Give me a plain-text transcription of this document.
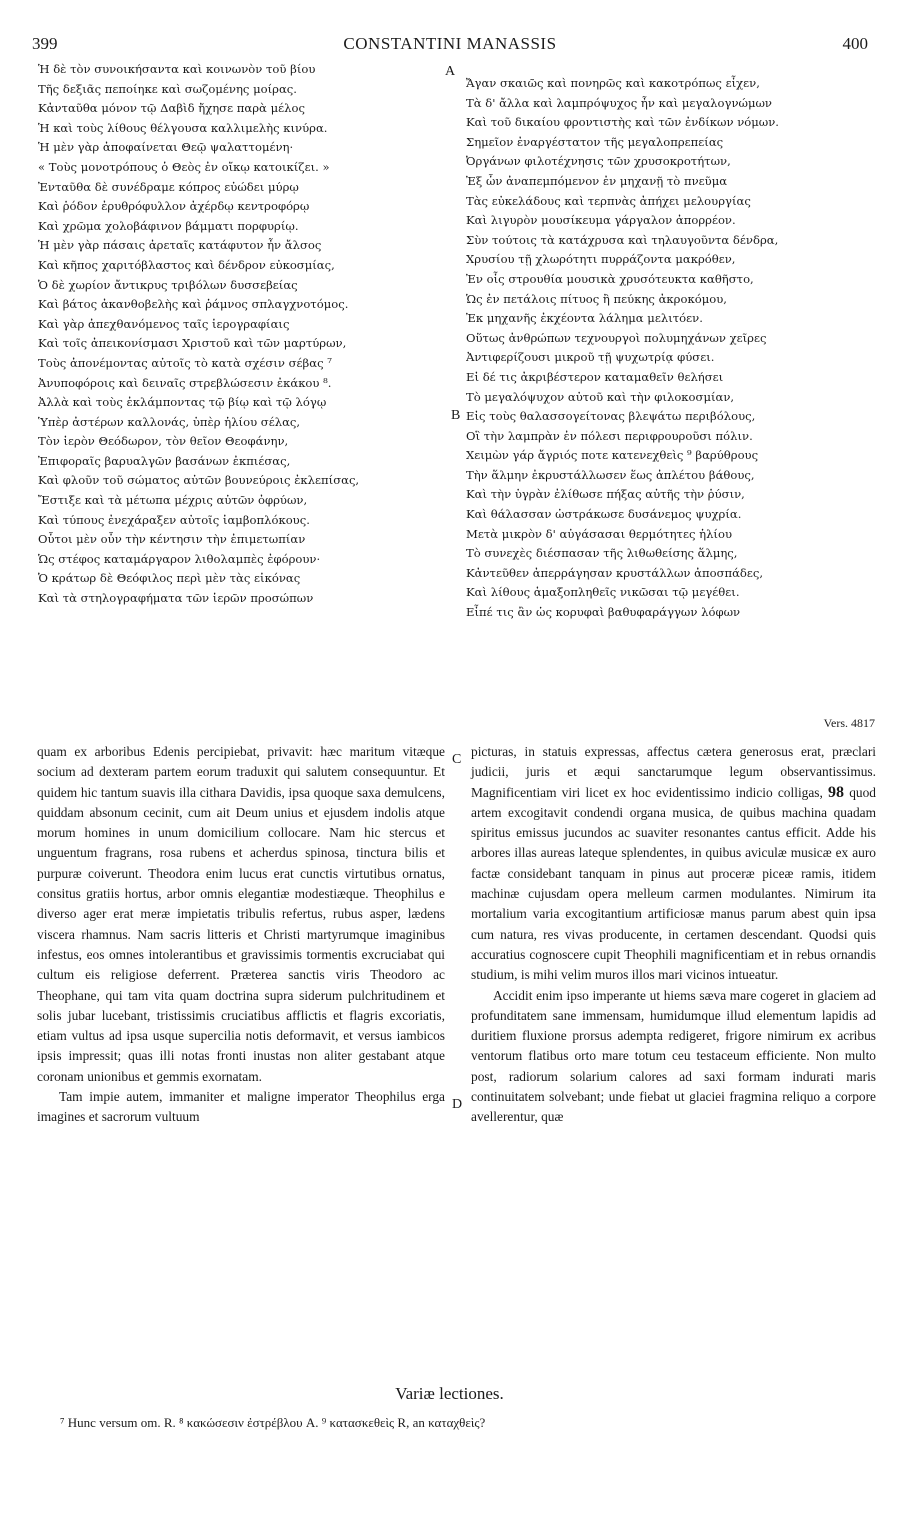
399	CONSTANTINI MANASSIS	400
Ἡ δὲ τὸν συνοικήσαντα καὶ κοινωνὸν τοῦ βίου
Τῆς δεξιᾶς πεποίηκε καὶ σωζομένης μοίρας.
Κἀνταῦθα μόνον τῷ Δαβὶδ ἤχησε παρὰ μέλος
Ἡ καὶ τοὺς λίθους θέλγουσα καλλιμελὴς κινύρα.
Ἡ μὲν γὰρ ἀποφαίνεται Θεῷ ψαλαττομένη·
« Τοὺς μονοτρόπους ὁ Θεὸς ἐν οἴκῳ κατοικίζει. »
Ἐνταῦθα δὲ συνέδραμε κόπρος εὐώδει μύρῳ
Καὶ ῥόδον ἐρυθρόφυλλον ἀχέρδῳ κεντροφόρῳ
Καὶ χρῶμα χολοβάφινον βάμματι πορφυρίῳ.
Ἡ μὲν γὰρ πάσαις ἀρεταῖς κατάφυτον ἦν ἄλσος
Καὶ κῆπος χαριτόβλαστος καὶ δένδρον εὐκοσμίας,
Ὁ δὲ χωρίον ἄντικρυς τριβόλων δυσσεβείας
Καὶ βάτος ἀκανθοβελὴς καὶ ῥάμνος σπλαγχνοτόμος.
Καὶ γὰρ ἀπεχθανόμενος ταῖς ἱερογραφίαις
Καὶ τοῖς ἀπεικονίσμασι Χριστοῦ καὶ τῶν μαρτύρων,
Τοὺς ἀπονέμοντας αὐτοῖς τὸ κατὰ σχέσιν σέβας ⁷
Ἀνυποφόροις καὶ δειναῖς στρεβλώσεσιν ἐκάκου ⁸.
Ἀλλὰ καὶ τοὺς ἐκλάμποντας τῷ βίῳ καὶ τῷ λόγῳ
Ὑπὲρ ἀστέρων καλλονάς, ὑπὲρ ἡλίου σέλας,
Τὸν ἱερὸν Θεόδωρον, τὸν θεῖον Θεοφάνην,
Ἐπιφοραῖς βαρυαλγῶν βασάνων ἐκπιέσας,
Καὶ φλοῦν τοῦ σώματος αὐτῶν βουνεύροις ἐκλεπίσας,
Ἔστιξε καὶ τὰ μέτωπα μέχρις αὐτῶν ὀφρύων,
Καὶ τύπους ἐνεχάραξεν αὐτοῖς ἰαμβοπλόκους.
Οὗτοι μὲν οὖν τὴν κέντησιν τὴν ἐπιμετωπίαν
Ὡς στέφος καταμάργαρον λιθολαμπὲς ἐφόρουν·
Ὁ κράτωρ δὲ Θεόφιλος περὶ μὲν τὰς εἰκόνας
Καὶ τὰ στηλογραφήματα τῶν ἱερῶν προσώπων
Ἄγαν σκαιῶς καὶ πονηρῶς καὶ κακοτρόπως εἶχεν,
Τὰ δ' ἄλλα καὶ λαμπρόψυχος ἦν καὶ μεγαλογνώμων
Καὶ τοῦ δικαίου φροντιστὴς καὶ τῶν ἐνδίκων νόμων.
Σημεῖον ἐναργέστατον τῆς μεγαλοπρεπείας
Ὀργάνων φιλοτέχνησις τῶν χρυσοκροτήτων,
Ἐξ ὧν ἀναπεμπόμενον ἐν μηχανῇ τὸ πνεῦμα
Τὰς εὐκελάδους καὶ τερπνὰς ἀπήχει μελουργίας
Καὶ λιγυρὸν μουσίκευμα γάργαλον ἀπορρέον.
Σὺν τούτοις τὰ κατάχρυσα καὶ τηλαυγοῦντα δένδρα,
Χρυσίου τῇ χλωρότητι πυρράζοντα μακρόθεν,
Ἐν οἷς στρουθία μουσικὰ χρυσότευκτα καθῆστο,
Ὡς ἐν πετάλοις πίτυος ἢ πεύκης ἀκροκόμου,
Ἐκ μηχανῆς ἐκχέοντα λάλημα μελιτόεν.
Οὕτως ἀνθρώπων τεχνουργοὶ πολυμηχάνων χεῖρες
Ἀντιφερίζουσι μικροῦ τῇ ψυχωτρίᾳ φύσει.
Εἰ δέ τις ἀκριβέστερον καταμαθεῖν θελήσει
Τὸ μεγαλόψυχον αὐτοῦ καὶ τὴν φιλοκοσμίαν,
Εἰς τοὺς θαλασσογείτονας βλεψάτω περιβόλους,
Οἳ τὴν λαμπρὰν ἐν πόλεσι περιφρουροῦσι πόλιν.
Χειμὼν γάρ ἄγριός ποτε κατενεχθεὶς ⁹ βαρύθρους
Τὴν ἅλμην ἐκρυστάλλωσεν ἕως ἀπλέτου βάθους,
Καὶ τὴν ὑγρὰν ἐλίθωσε πήξας αὐτῆς τὴν ῥύσιν,
Καὶ θάλασσαν ὠστράκωσε δυσάνεμος ψυχρία.
Μετὰ μικρὸν δ' αὐγάσασαι θερμότητες ἡλίου
Τὸ συνεχὲς διέσπασαν τῆς λιθωθείσης ἅλμης,
Κἀντεῦθεν ἀπερράγησαν κρυστάλλων ἀποσπάδες,
Καὶ λίθους ἁμαξοπληθεῖς νικῶσαι τῷ μεγέθει.
Εἶπέ τις ἂν ὡς κορυφαὶ βαθυφαράγγων λόφων
A
B
C
D
Vers. 4817

quam ex arboribus Edenis percipiebat, privavit: hæc maritum vitæque socium ad dexteram partem eorum traduxit qui salutem consequuntur. Et quidem hic tantum suavis illa cithara Davidis, ipsa quoque saxa demulcens, quiddam absonum cecinit, cum ait Deum unius et ejusdem indolis atque morum homines in unum domicilium collocare. Nam hic stercus et unguentum fragrans, rosa rubens et acherdus spinosa, tinctura bilis et purpuræ coiverunt. Theodora enim lucus erat cunctis virtutibus ornatus, consitus gratiis hortus, arbor omnis elegantiæ modestiæque. Theophilus e diverso ager erat meræ impietatis tribulis refertus, rubus asper, lædens viscera rhamnus. Nam sacris litteris et Christi martyrumque imaginibus infestus, eos omnes intolerantibus et gravissimis tormentis excruciabat qui cultum eis religiose deferrent. Præterea sanctis viris Theodoro ac Theophane, qui tam vita quam doctrina supra siderum pulchritudinem et solis jubar lucebant, tristissimis cruciatibus afflictis et flagris excoriatis, etiam vultus ad ipsa usque supercilia notis deformavit, et versus iambicos ipsis impressit; quas illi notas fronti inustas non aliter gestabant atque coronam unionibus et gemmis exornatam.

Tam impie autem, immaniter et maligne imperator Theophilus erga imagines et sacrorum vultuum

picturas, in statuis expressas, affectus cætera generosus erat, præclari judicii, juris et æqui sanctarumque legum observantissimus. Magnificentiam viri licet ex hoc evidentissimo indicio colligas, 98 quod artem excogitavit condendi organa musica, de quibus machina quadam spiritus emissus jucundos ac suaviter resonantes cantus efficit. Adde his arbores illas aureas lateque splendentes, in quibus aviculæ musicæ ex auro factæ considebant tanquam in pinus aut proceræ piceæ ramis, itidem machinæ cujusdam opera melleum carmen modulantes. Nimirum ita mortalium varia excogitantium artificiosæ manus parum abest quin ipsa cum natura, res vivas producente, in certamen descendant. Quodsi quis accuratius cognoscere cupit Theophili magnificentiam et in rebus ornandis studium, is mihi velim muros illos mari vicinos intueatur.

Accidit enim ipso imperante ut hiems sæva mare cogeret in glaciem ad profunditatem sane immensam, humidumque illud elementum lapidis ad duritiem fluxione prorsus adempta redigeret, frigore nimirum ex acribus ventorum flatibus orto mare totum ceu testaceum efficiente. Non multo post, radiorum solarium calores ad saxi formam indurati maris continuitatem solvebant; unde fiebat ut glaciei fragmina reliquo a corpore avellerentur, quæ

Variæ lectiones.
⁷ Hunc versum om. R. ⁸ κακώσεσιν ἐστρέβλου A. ⁹ κατασκεθεὶς R, an καταχθεὶς?
